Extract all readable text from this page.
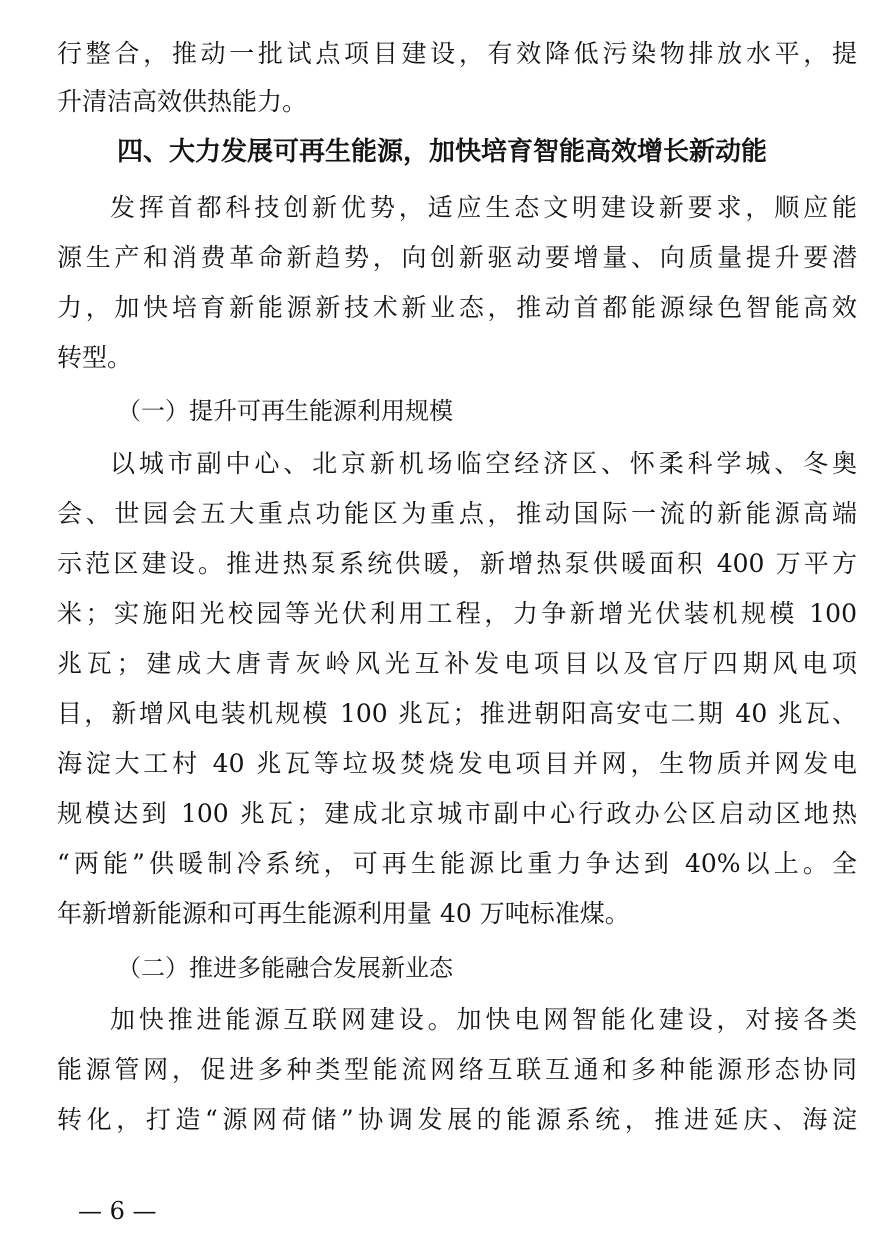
行整合，推动一批试点项目建设，有效降低污染物排放水平，提
升清洁高效供热能力。
四、大力发展可再生能源，加快培育智能高效增长新动能
发挥首都科技创新优势，适应生态文明建设新要求，顺应能
源生产和消费革命新趋势，向创新驱动要增量、向质量提升要潜
力，加快培育新能源新技术新业态，推动首都能源绿色智能高效
转型。
（一）提升可再生能源利用规模
以城市副中心、北京新机场临空经济区、怀柔科学城、冬奥
会、世园会五大重点功能区为重点，推动国际一流的新能源高端
示范区建设。推进热泵系统供暖，新增热泵供暖面积 400 万平方
米；实施阳光校园等光伏利用工程，力争新增光伏装机规模 100
兆瓦；建成大唐青灰岭风光互补发电项目以及官厅四期风电项
目，新增风电装机规模 100 兆瓦；推进朝阳高安屯二期 40 兆瓦、
海淀大工村 40 兆瓦等垃圾焚烧发电项目并网，生物质并网发电
规模达到 100 兆瓦；建成北京城市副中心行政办公区启动区地热
“两能”供暖制冷系统，可再生能源比重力争达到 40%以上。全
年新增新能源和可再生能源利用量 40 万吨标准煤。
（二）推进多能融合发展新业态
加快推进能源互联网建设。加快电网智能化建设，对接各类
能源管网，促进多种类型能流网络互联互通和多种能源形态协同
转化，打造“源网荷储”协调发展的能源系统，推进延庆、海淀
— 6 —
